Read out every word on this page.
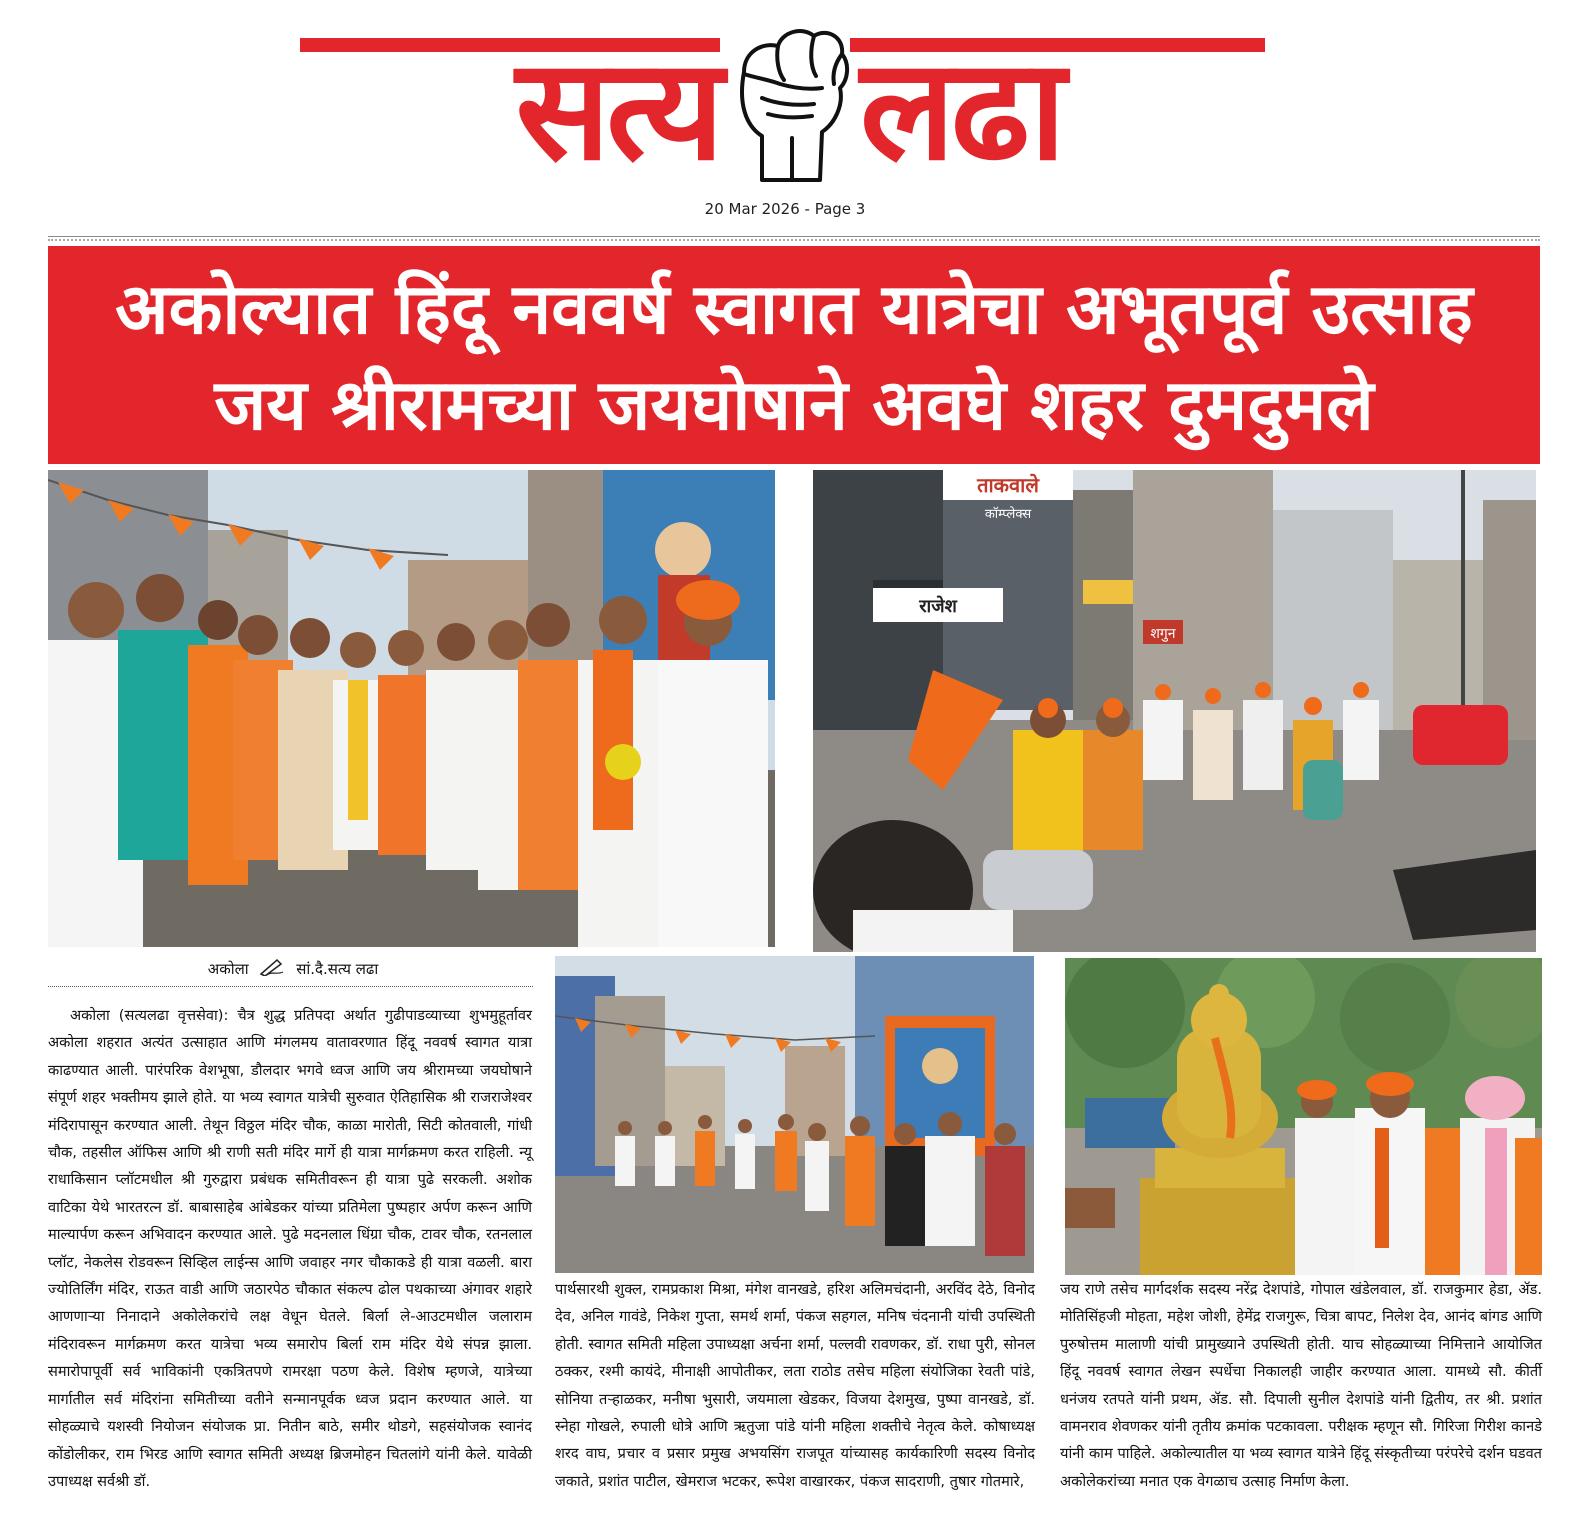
सत्य लढा
20 Mar 2026 - Page 3
अकोल्यात हिंदू नववर्ष स्वागत यात्रेचा अभूतपूर्व उत्साह
जय श्रीरामच्या जयघोषाने अवघे शहर दुमदुमले
ताकवाले
कॉम्प्लेक्स
राजेश
शगुन
अकोला	सां.दै.सत्य लढा
अकोला (सत्यलढा वृत्तसेवा): चैत्र शुद्ध प्रतिपदा अर्थात गुढीपाडव्याच्या शुभमुहूर्तावर अकोला शहरात अत्यंत उत्साहात आणि मंगलमय वातावरणात हिंदू नववर्ष स्वागत यात्रा काढण्यात आली. पारंपरिक वेशभूषा, डौलदार भगवे ध्वज आणि जय श्रीरामच्या जयघोषाने संपूर्ण शहर भक्तीमय झाले होते. या भव्य स्वागत यात्रेची सुरुवात ऐतिहासिक श्री राजराजेश्वर मंदिरापासून करण्यात आली. तेथून विठ्ठल मंदिर चौक, काळा मारोती, सिटी कोतवाली, गांधी चौक, तहसील ऑफिस आणि श्री राणी सती मंदिर मार्गे ही यात्रा मार्गक्रमण करत राहिली. न्यू राधाकिसान प्लॉटमधील श्री गुरुद्वारा प्रबंधक समितीवरून ही यात्रा पुढे सरकली. अशोक वाटिका येथे भारतरत्न डॉ. बाबासाहेब आंबेडकर यांच्या प्रतिमेला पुष्पहार अर्पण करून आणि माल्यार्पण करून अभिवादन करण्यात आले. पुढे मदनलाल धिंग्रा चौक, टावर चौक, रतनलाल प्लॉट, नेकलेस रोडवरून सिव्हिल लाईन्स आणि जवाहर नगर चौकाकडे ही यात्रा वळली. बारा ज्योतिर्लिंग मंदिर, राऊत वाडी आणि जठारपेठ चौकात संकल्प ढोल पथकाच्या अंगावर शहारे आणणाऱ्या निनादाने अकोलेकरांचे लक्ष वेधून घेतले. बिर्ला ले-आउटमधील जलाराम मंदिरावरून मार्गक्रमण करत यात्रेचा भव्य समारोप बिर्ला राम मंदिर येथे संपन्न झाला. समारोपापूर्वी सर्व भाविकांनी एकत्रितपणे रामरक्षा पठण केले. विशेष म्हणजे, यात्रेच्या मार्गातील सर्व मंदिरांना समितीच्या वतीने सन्मानपूर्वक ध्वज प्रदान करण्यात आले. या सोहळ्याचे यशस्वी नियोजन संयोजक प्रा. नितीन बाठे, समीर थोडगे, सहसंयोजक स्वानंद कोंडोलीकर, राम भिरड आणि स्वागत समिती अध्यक्ष ब्रिजमोहन चितलांगे यांनी केले. यावेळी उपाध्यक्ष सर्वश्री डॉ.
पार्थसारथी शुक्ल, रामप्रकाश मिश्रा, मंगेश वानखडे, हरिश अलिमचंदानी, अरविंद देठे, विनोद देव, अनिल गावंडे, निकेश गुप्ता, समर्थ शर्मा, पंकज सहगल, मनिष चंदनानी यांची उपस्थिती होती. स्वागत समिती महिला उपाध्यक्षा अर्चना शर्मा, पल्लवी रावणकर, डॉ. राधा पुरी, सोनल ठक्कर, रश्मी कायंदे, मीनाक्षी आपोतीकर, लता राठोड तसेच महिला संयोजिका रेवती पांडे, सोनिया तऱ्हाळकर, मनीषा भुसारी, जयमाला खेडकर, विजया देशमुख, पुष्पा वानखडे, डॉ. स्नेहा गोखले, रुपाली धोत्रे आणि ऋतुजा पांडे यांनी महिला शक्तीचे नेतृत्व केले. कोषाध्यक्ष शरद वाघ, प्रचार व प्रसार प्रमुख अभयसिंग राजपूत यांच्यासह कार्यकारिणी सदस्य विनोद जकाते, प्रशांत पाटील, खेमराज भटकर, रूपेश वाखारकर, पंकज सादराणी, तुषार गोतमारे,
जय राणे तसेच मार्गदर्शक सदस्य नरेंद्र देशपांडे, गोपाल खंडेलवाल, डॉ. राजकुमार हेडा, ॲड. मोतिसिंहजी मोहता, महेश जोशी, हेमेंद्र राजगुरू, चित्रा बापट, निलेश देव, आनंद बांगड आणि पुरुषोत्तम मालाणी यांची प्रामुख्याने उपस्थिती होती. याच सोहळ्याच्या निमित्ताने आयोजित हिंदू नववर्ष स्वागत लेखन स्पर्धेचा निकालही जाहीर करण्यात आला. यामध्ये सौ. कीर्ती धनंजय रतपते यांनी प्रथम, ॲड. सौ. दिपाली सुनील देशपांडे यांनी द्वितीय, तर श्री. प्रशांत वामनराव शेवणकर यांनी तृतीय क्रमांक पटकावला. परीक्षक म्हणून सौ. गिरिजा गिरीश कानडे यांनी काम पाहिले. अकोल्यातील या भव्य स्वागत यात्रेने हिंदू संस्कृतीच्या परंपरेचे दर्शन घडवत अकोलेकरांच्या मनात एक वेगळाच उत्साह निर्माण केला.
